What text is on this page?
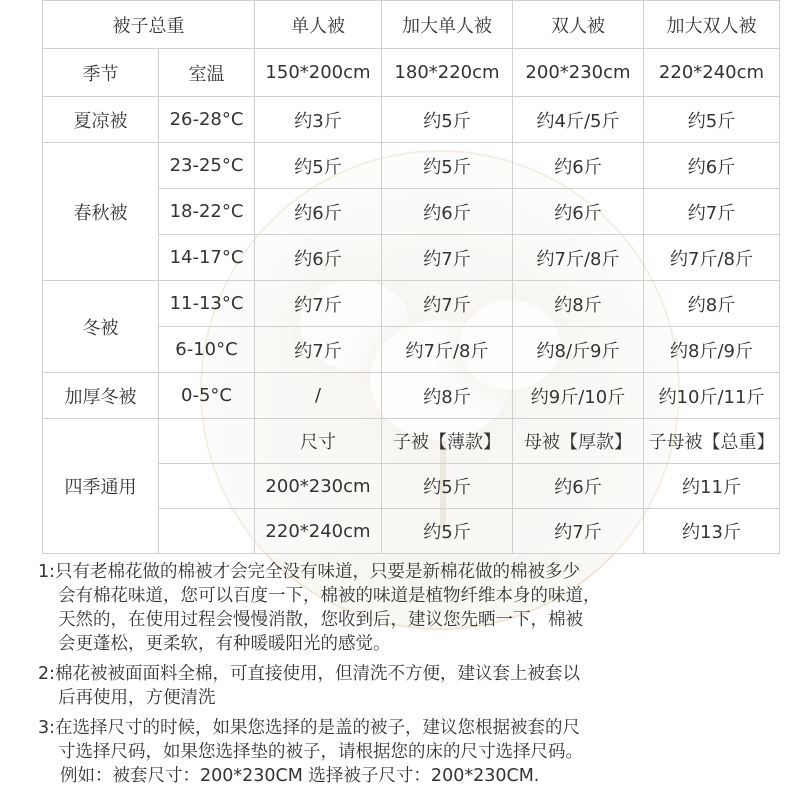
被子总重		单人被	加大单人被	双人被	加大双人被
季节	室温	150*200cm	180*220cm	200*230cm	220*240cm
夏凉被	26-28°C	约3斤	约5斤	约4斤/5斤	约5斤
春秋被	23-25°C	约5斤	约5斤	约6斤	约6斤
	18-22°C	约6斤	约6斤	约6斤	约7斤
	14-17°C	约6斤	约7斤	约7斤/8斤	约7斤/8斤
冬被	11-13°C	约7斤	约7斤	约8斤	约8斤
	6-10°C	约7斤	约7斤/8斤	约8/斤9斤	约8斤/9斤
加厚冬被	0-5°C	/	约8斤	约9斤/10斤	约10斤/11斤
四季通用		尺寸	子被【薄款】	母被【厚款】	子母被【总重】
		200*230cm	约5斤	约6斤	约11斤
		220*240cm	约5斤	约7斤	约13斤
1:只有老棉花做的棉被才会完全没有味道，只要是新棉花做的棉被多少
会有棉花味道，您可以百度一下，棉被的味道是植物纤维本身的味道，
天然的，在使用过程会慢慢消散，您收到后，建议您先晒一下，棉被
会更蓬松，更柔软，有种暖暖阳光的感觉。
2:棉花被被面面料全棉，可直接使用，但清洗不方便，建议套上被套以
后再使用，方便清洗
3:在选择尺寸的时候，如果您选择的是盖的被子，建议您根据被套的尺
寸选择尺码，如果您选择垫的被子，请根据您的床的尺寸选择尺码。
例如：被套尺寸：200*230CM 选择被子尺寸：200*230CM.
